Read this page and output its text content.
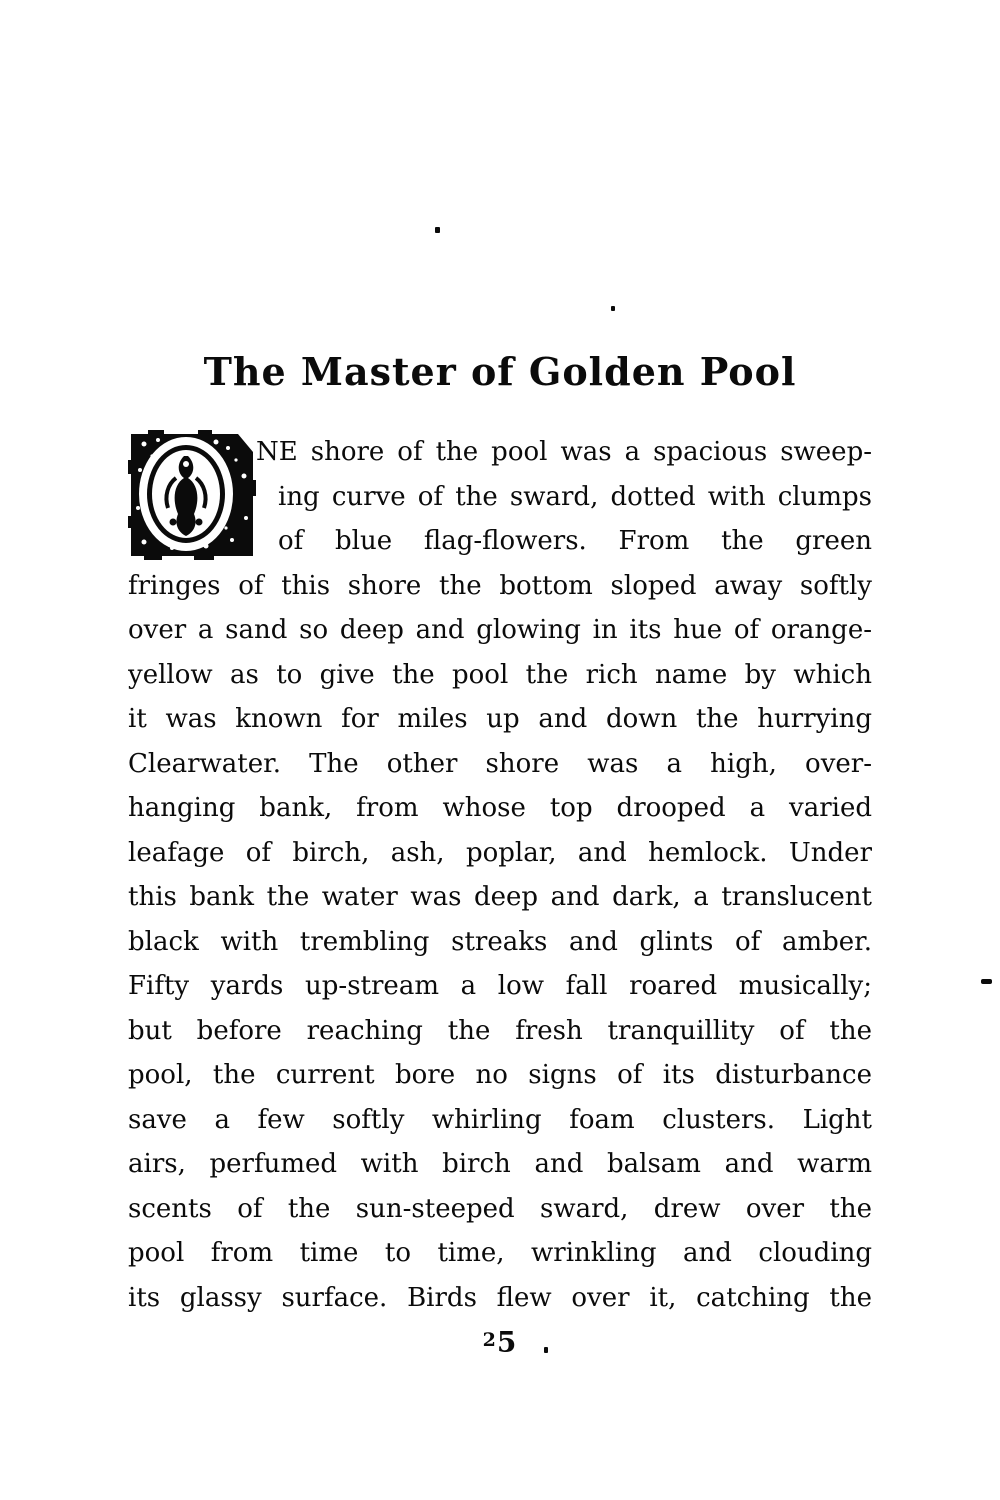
The Master of Golden Pool
NE shore of the pool was a spacious sweep-
ing curve of the sward, dotted with clumps
of blue flag-flowers. From the green
fringes of this shore the bottom sloped away softly
over a sand so deep and glowing in its hue of orange-
yellow as to give the pool the rich name by which
it was known for miles up and down the hurrying
Clearwater. The other shore was a high, over-
hanging bank, from whose top drooped a varied
leafage of birch, ash, poplar, and hemlock. Under
this bank the water was deep and dark, a translucent
black with trembling streaks and glints of amber.
Fifty yards up-stream a low fall roared musically;
but before reaching the fresh tranquillity of the
pool, the current bore no signs of its disturbance
save a few softly whirling foam clusters. Light
airs, perfumed with birch and balsam and warm
scents of the sun-steeped sward, drew over the
pool from time to time, wrinkling and clouding
its glassy surface. Birds flew over it, catching the
25
